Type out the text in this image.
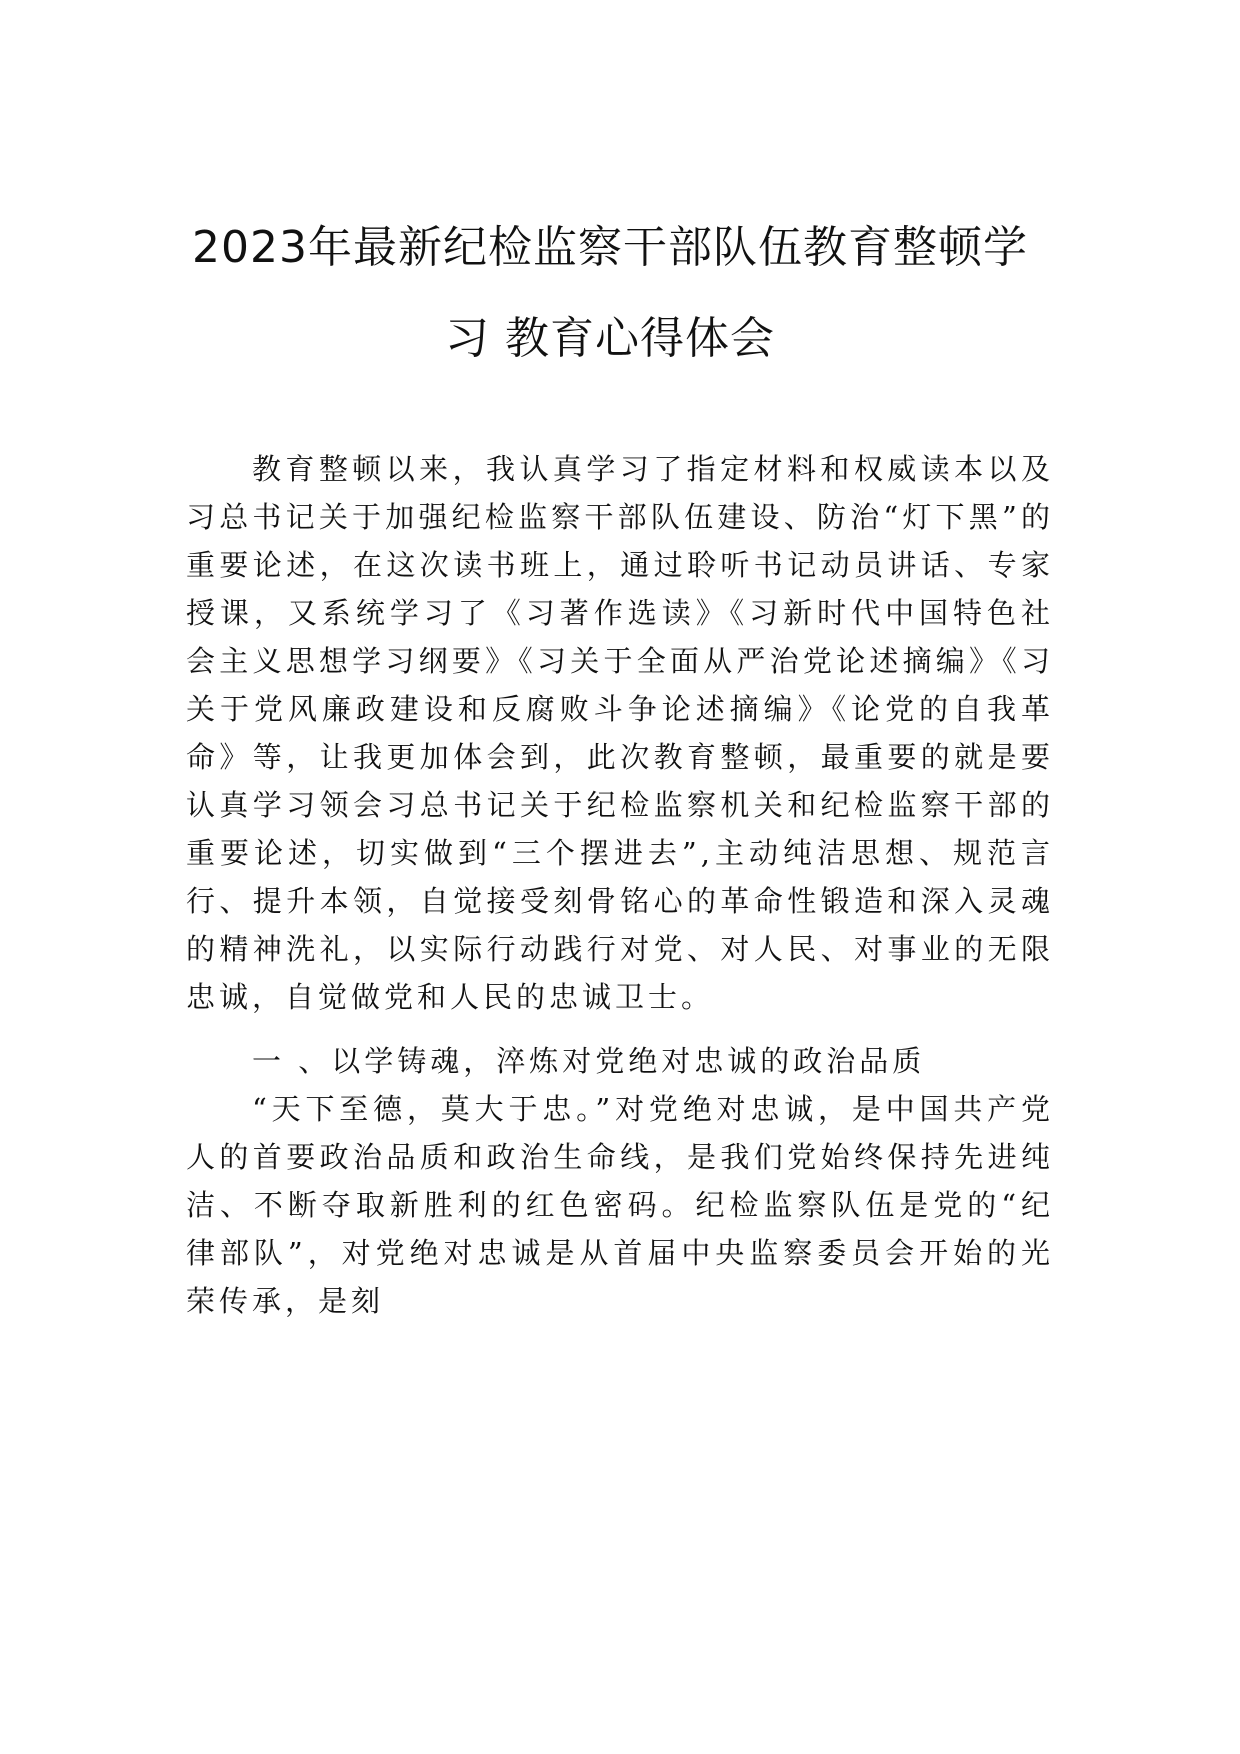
2023年最新纪检监察干部队伍教育整顿学
习 教育心得体会

教育整顿以来，我认真学习了指定材料和权威读本以及习总书记关于加强纪检监察干部队伍建设、防治“灯下黑”的重要论述，在这次读书班上，通过聆听书记动员讲话、专家授课，又系统学习了《习著作选读》《习新时代中国特色社会主义思想学习纲要》《习关于全面从严治党论述摘编》《习关于党风廉政建设和反腐败斗争论述摘编》《论党的自我革命》等，让我更加体会到，此次教育整顿，最重要的就是要认真学习领会习总书记关于纪检监察机关和纪检监察干部的重要论述，切实做到“三个摆进去”,主动纯洁思想、规范言行、提升本领，自觉接受刻骨铭心的革命性锻造和深入灵魂的精神洗礼，以实际行动践行对党、对人民、对事业的无限忠诚，自觉做党和人民的忠诚卫士。

一 、以学铸魂，淬炼对党绝对忠诚的政治品质

“天下至德，莫大于忠。”对党绝对忠诚，是中国共产党人的首要政治品质和政治生命线，是我们党始终保持先进纯洁、不断夺取新胜利的红色密码。纪检监察队伍是党的“纪律部队”，对党绝对忠诚是从首届中央监察委员会开始的光荣传承，是刻
